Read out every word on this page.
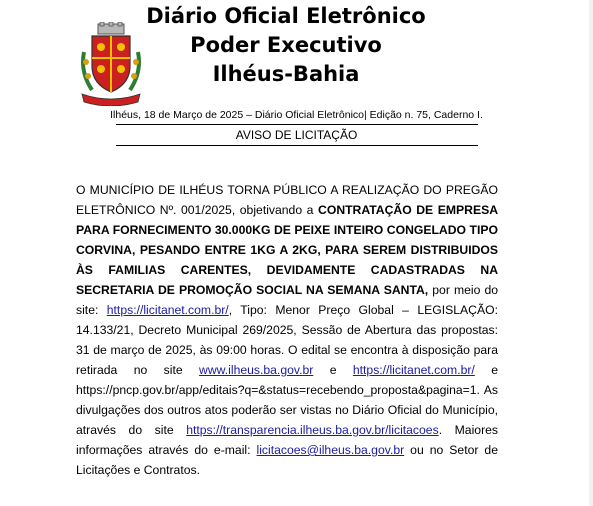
Diário Oficial Eletrônico
Poder Executivo
Ilhéus-Bahia
Ilhéus, 18 de Março de 2025 – Diário Oficial Eletrônico| Edição n. 75, Caderno I.
AVISO DE LICITAÇÃO
O MUNICÍPIO DE ILHÉUS TORNA PÚBLICO A REALIZAÇÃO DO PREGÃO ELETRÔNICO Nº. 001/2025, objetivando a CONTRATAÇÃO DE EMPRESA PARA FORNECIMENTO 30.000KG DE PEIXE INTEIRO CONGELADO TIPO CORVINA, PESANDO ENTRE 1KG A 2KG, PARA SEREM DISTRIBUIDOS ÀS FAMILIAS CARENTES, DEVIDAMENTE CADASTRADAS NA SECRETARIA DE PROMOÇÃO SOCIAL NA SEMANA SANTA, por meio do site: https://licitanet.com.br/, Tipo: Menor Preço Global – LEGISLAÇÃO: 14.133/21, Decreto Municipal 269/2025, Sessão de Abertura das propostas: 31 de março de 2025, às 09:00 horas. O edital se encontra à disposição para retirada no site www.ilheus.ba.gov.br e https://licitanet.com.br/ e https://pncp.gov.br/app/editais?q=&status=recebendo_proposta&pagina=1. As divulgações dos outros atos poderão ser vistas no Diário Oficial do Município, através do site https://transparencia.ilheus.ba.gov.br/licitacoes. Maiores informações através do e-mail: licitacoes@ilheus.ba.gov.br ou no Setor de Licitações e Contratos.
